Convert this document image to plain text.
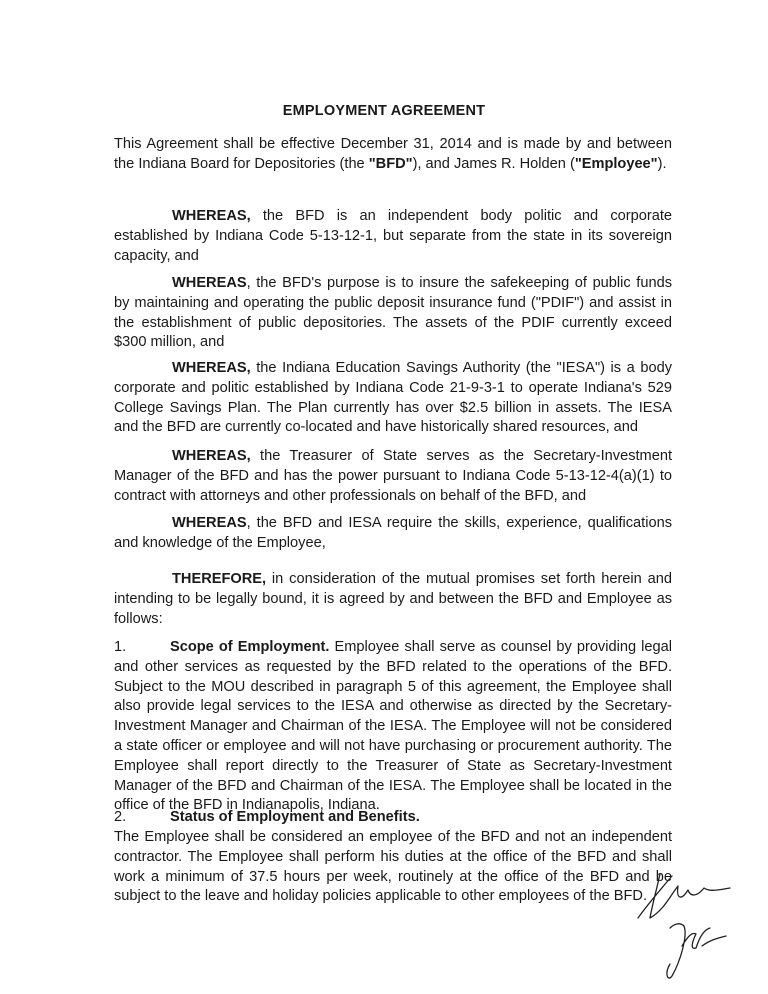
EMPLOYMENT AGREEMENT

This Agreement shall be effective December 31, 2014 and is made by and between the Indiana Board for Depositories (the "BFD"), and James R. Holden ("Employee").

WHEREAS, the BFD is an independent body politic and corporate established by Indiana Code 5-13-12-1, but separate from the state in its sovereign capacity, and

WHEREAS, the BFD's purpose is to insure the safekeeping of public funds by maintaining and operating the public deposit insurance fund ("PDIF") and assist in the establishment of public depositories. The assets of the PDIF currently exceed $300 million, and

WHEREAS, the Indiana Education Savings Authority (the "IESA") is a body corporate and politic established by Indiana Code 21-9-3-1 to operate Indiana's 529 College Savings Plan. The Plan currently has over $2.5 billion in assets. The IESA and the BFD are currently co-located and have historically shared resources, and

WHEREAS, the Treasurer of State serves as the Secretary-Investment Manager of the BFD and has the power pursuant to Indiana Code 5-13-12-4(a)(1) to contract with attorneys and other professionals on behalf of the BFD, and

WHEREAS, the BFD and IESA require the skills, experience, qualifications and knowledge of the Employee,

THEREFORE, in consideration of the mutual promises set forth herein and intending to be legally bound, it is agreed by and between the BFD and Employee as follows:

1.	Scope of Employment. Employee shall serve as counsel by providing legal and other services as requested by the BFD related to the operations of the BFD. Subject to the MOU described in paragraph 5 of this agreement, the Employee shall also provide legal services to the IESA and otherwise as directed by the Secretary-Investment Manager and Chairman of the IESA. The Employee will not be considered a state officer or employee and will not have purchasing or procurement authority. The Employee shall report directly to the Treasurer of State as Secretary-Investment Manager of the BFD and Chairman of the IESA. The Employee shall be located in the office of the BFD in Indianapolis, Indiana.

2.	Status of Employment and Benefits.

The Employee shall be considered an employee of the BFD and not an independent contractor. The Employee shall perform his duties at the office of the BFD and shall work a minimum of 37.5 hours per week, routinely at the office of the BFD and be subject to the leave and holiday policies applicable to other employees of the BFD.
